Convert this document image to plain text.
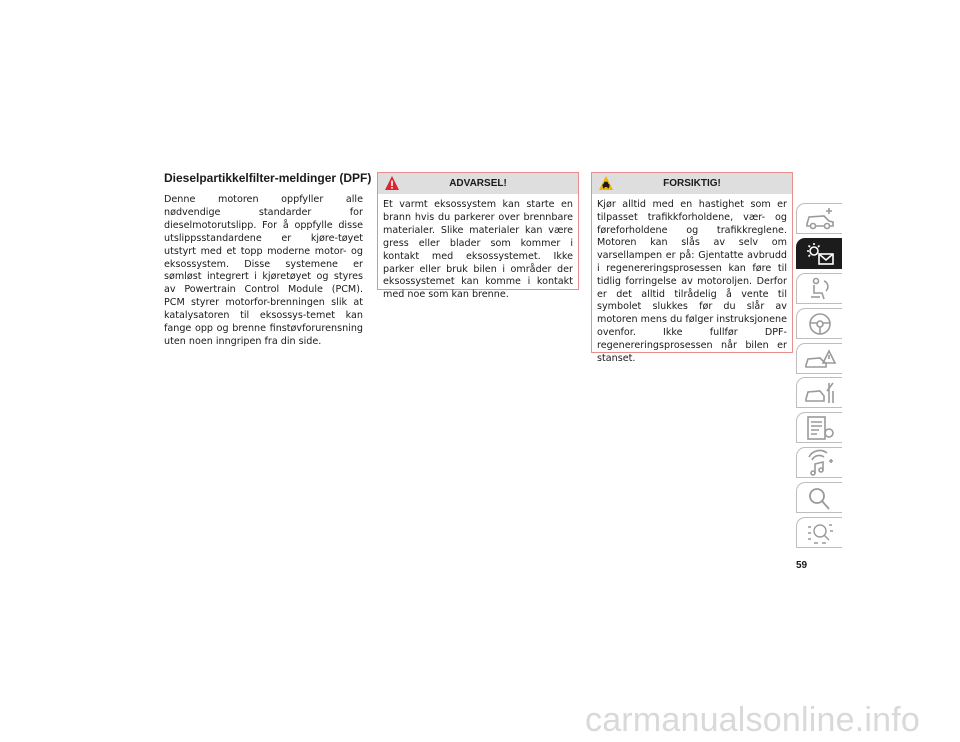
Dieselpartikkelfilter-meldinger (DPF)

Denne motoren oppfyller alle nødvendige standarder for dieselmotorutslipp. For å oppfylle disse utslippsstandardene er kjøre-tøyet utstyrt med et topp moderne motor- og eksossystem. Disse systemene er sømløst integrert i kjøretøyet og styres av Powertrain Control Module (PCM). PCM styrer motorfor-brenningen slik at katalysatoren til eksossys-temet kan fange opp og brenne finstøvforurensning uten noen inngripen fra din side.

ADVARSEL!
Et varmt eksossystem kan starte en brann hvis du parkerer over brennbare materialer. Slike materialer kan være gress eller blader som kommer i kontakt med eksossystemet. Ikke parker eller bruk bilen i områder der eksossystemet kan komme i kontakt med noe som kan brenne.
FORSIKTIG!
Kjør alltid med en hastighet som er tilpasset trafikkforholdene, vær- og føreforholdene og trafikkreglene. Motoren kan slås av selv om varsellampen er på: Gjentatte avbrudd i regenereringsprosessen kan føre til tidlig forringelse av motoroljen. Derfor er det alltid tilrådelig å vente til symbolet slukkes før du slår av motoren mens du følger instruksjonene ovenfor. Ikke fullfør DPF-regenereringsprosessen når bilen er stanset.
59
carmanualsonline.info
